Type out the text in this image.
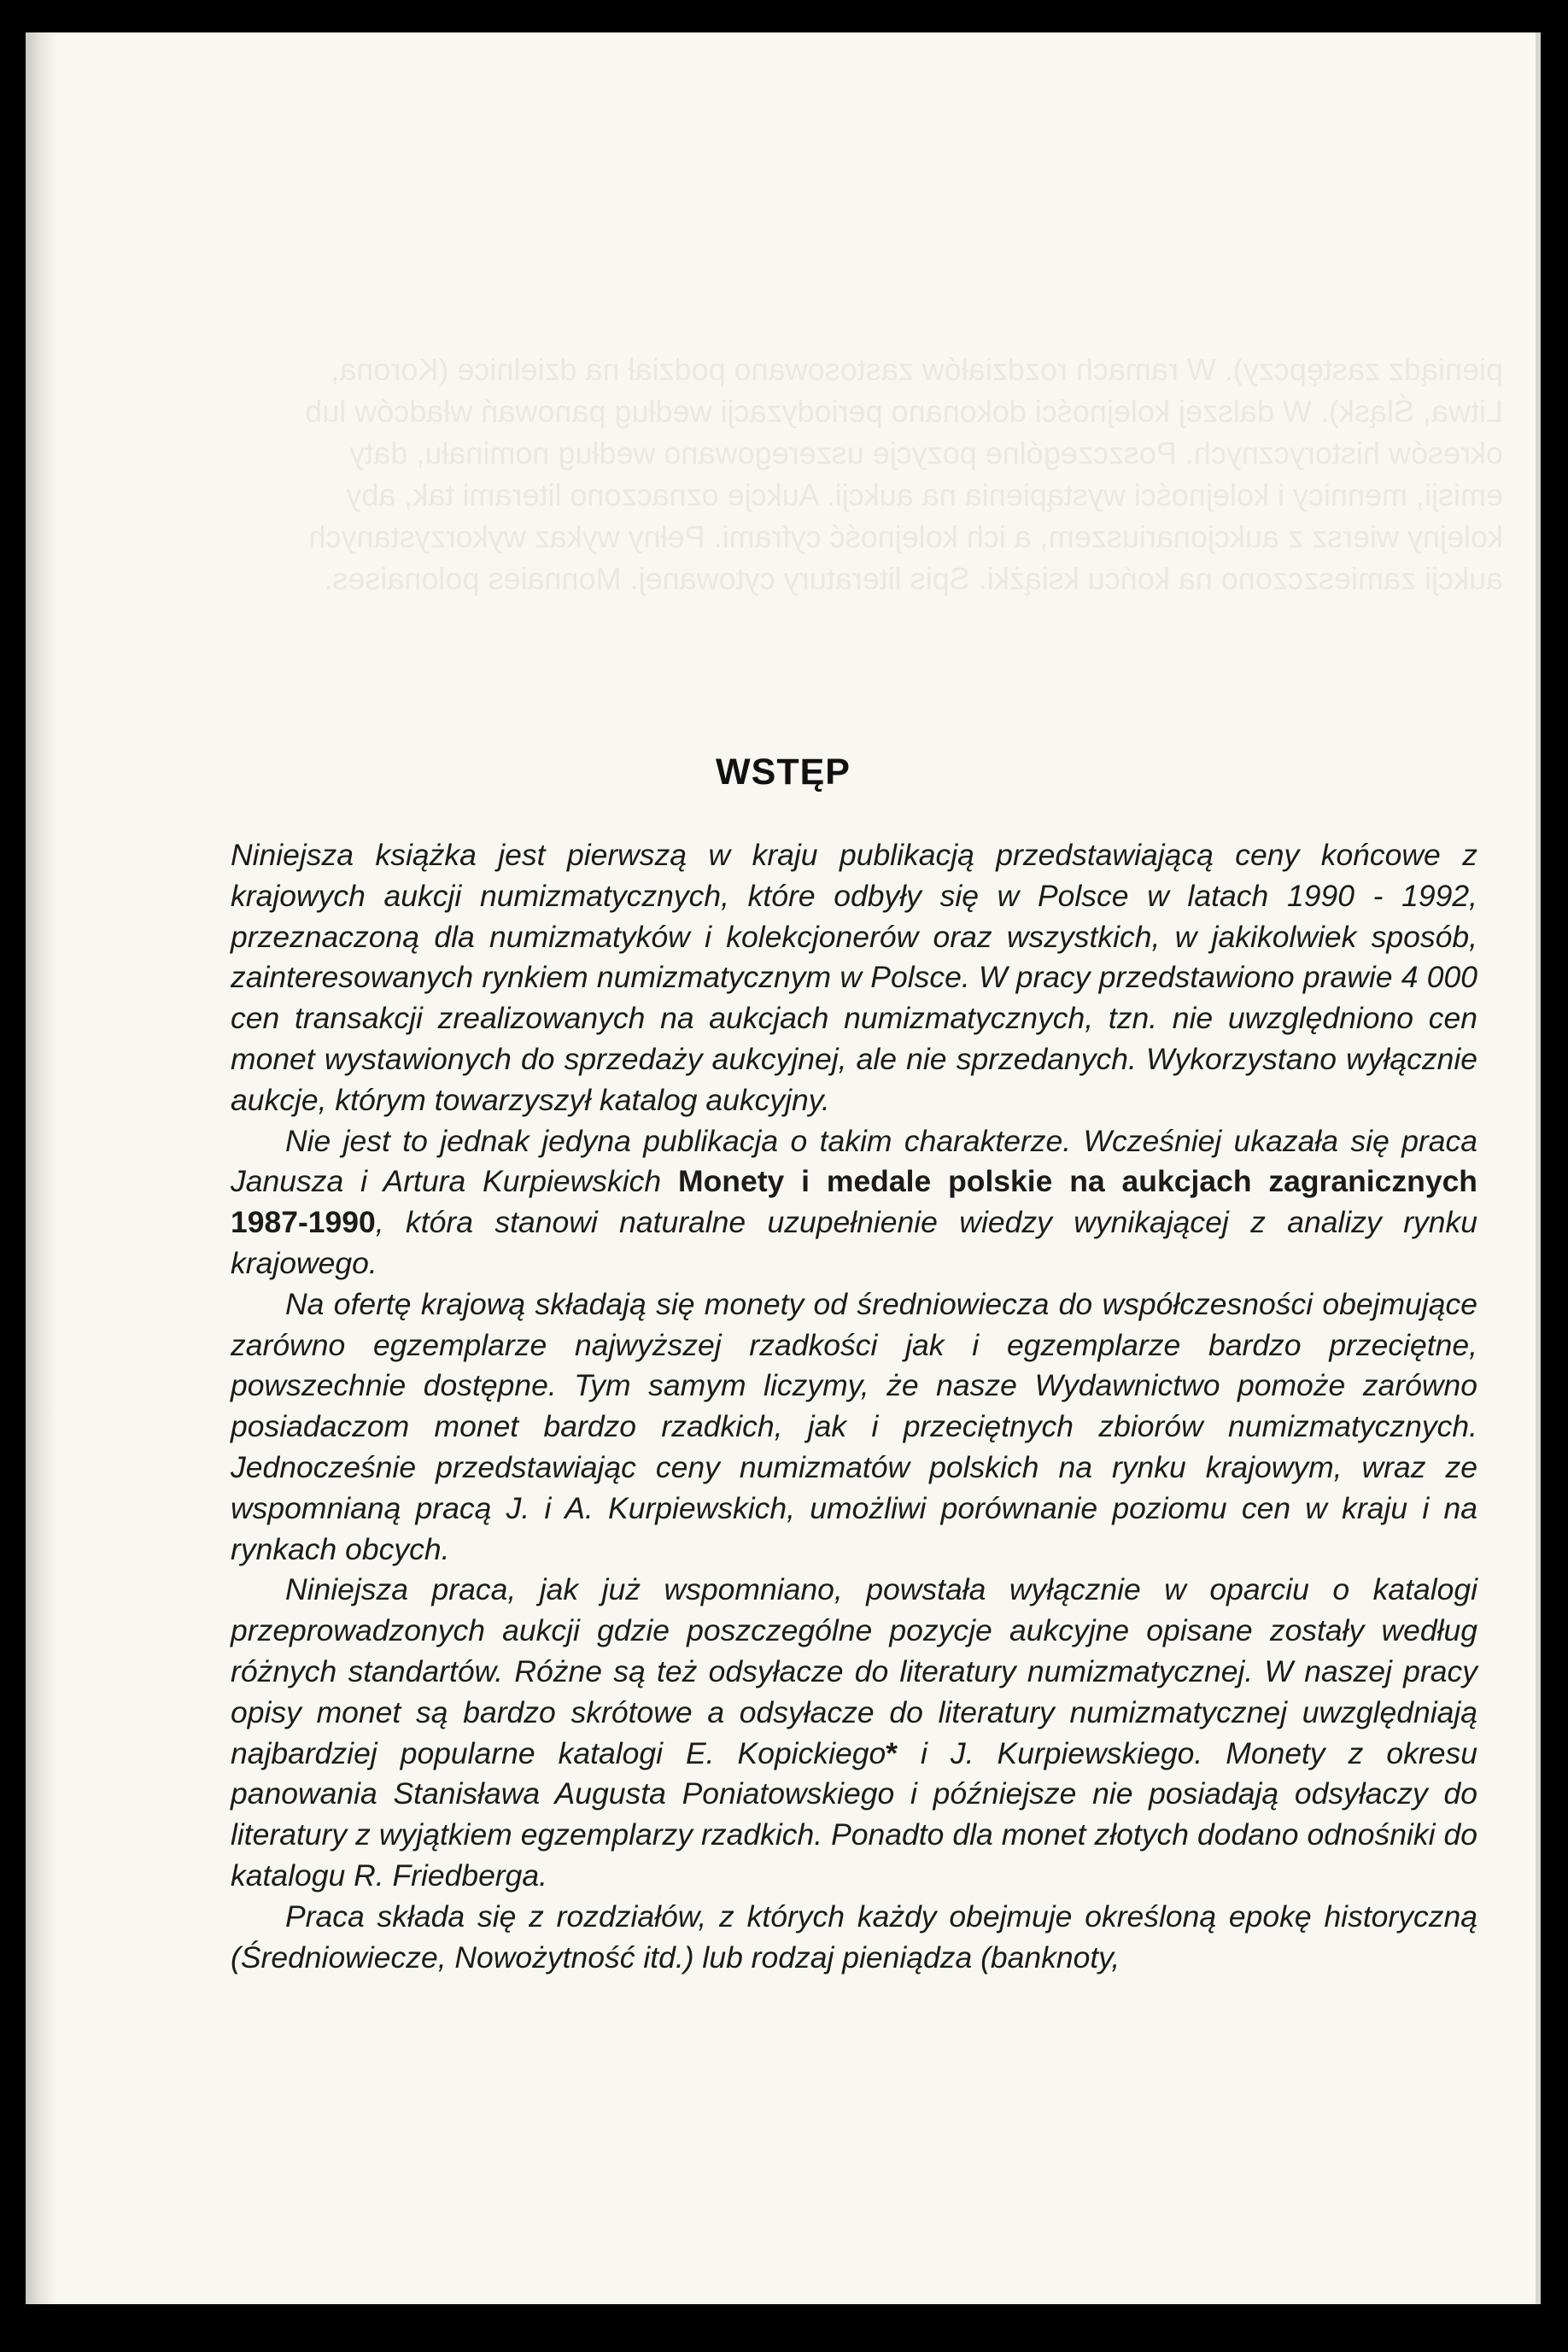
pieniądz zastępczy). W ramach rozdziałów zastosowano podział na dzielnice (Korona, Litwa, Śląsk). W dalszej kolejności dokonano periodyzacji według panowań władców lub okresów historycznych. Poszczególne pozycje uszeregowano według nominału, daty emisji, mennicy i kolejności wystąpienia na aukcji. Aukcje oznaczono literami tak, aby kolejny wiersz z aukcjonariuszem, a ich kolejność cyframi. Pełny wykaz wykorzystanych aukcji zamieszczono na końcu książki. Spis literatury cytowanej. Monnaies polonaises.
WSTĘP

Niniejsza książka jest pierwszą w kraju publikacją przedstawiającą ceny końcowe z krajowych aukcji numizmatycznych, które odbyły się w Polsce w latach 1990 - 1992, przeznaczoną dla numizmatyków i kolekcjonerów oraz wszystkich, w jakikolwiek sposób, zainteresowanych rynkiem numizmatycznym w Polsce. W pracy przedstawiono prawie 4 000 cen transakcji zrealizowanych na aukcjach numizmatycznych, tzn. nie uwzględniono cen monet wystawionych do sprzedaży aukcyjnej, ale nie sprzedanych. Wykorzystano wyłącznie aukcje, którym towarzyszył katalog aukcyjny.

Nie jest to jednak jedyna publikacja o takim charakterze. Wcześniej ukazała się praca Janusza i Artura Kurpiewskich Monety i medale polskie na aukcjach zagranicznych 1987-1990, która stanowi naturalne uzupełnienie wiedzy wynikającej z analizy rynku krajowego.

Na ofertę krajową składają się monety od średniowiecza do współczesności obejmujące zarówno egzemplarze najwyższej rzadkości jak i egzemplarze bardzo przeciętne, powszechnie dostępne. Tym samym liczymy, że nasze Wydawnictwo pomoże zarówno posiadaczom monet bardzo rzadkich, jak i przeciętnych zbiorów numizmatycznych. Jednocześnie przedstawiając ceny numizmatów polskich na rynku krajowym, wraz ze wspomnianą pracą J. i A. Kurpiewskich, umożliwi porównanie poziomu cen w kraju i na rynkach obcych.

Niniejsza praca, jak już wspomniano, powstała wyłącznie w oparciu o katalogi przeprowadzonych aukcji gdzie poszczególne pozycje aukcyjne opisane zostały według różnych standartów. Różne są też odsyłacze do literatury numizmatycznej. W naszej pracy opisy monet są bardzo skrótowe a odsyłacze do literatury numizmatycznej uwzględniają najbardziej popularne katalogi E. Kopickiego* i J. Kurpiewskiego. Monety z okresu panowania Stanisława Augusta Poniatowskiego i późniejsze nie posiadają odsyłaczy do literatury z wyjątkiem egzemplarzy rzadkich. Ponadto dla monet złotych dodano odnośniki do katalogu R. Friedberga.

Praca składa się z rozdziałów, z których każdy obejmuje określoną epokę historyczną (Średniowiecze, Nowożytność itd.) lub rodzaj pieniądza (banknoty,
